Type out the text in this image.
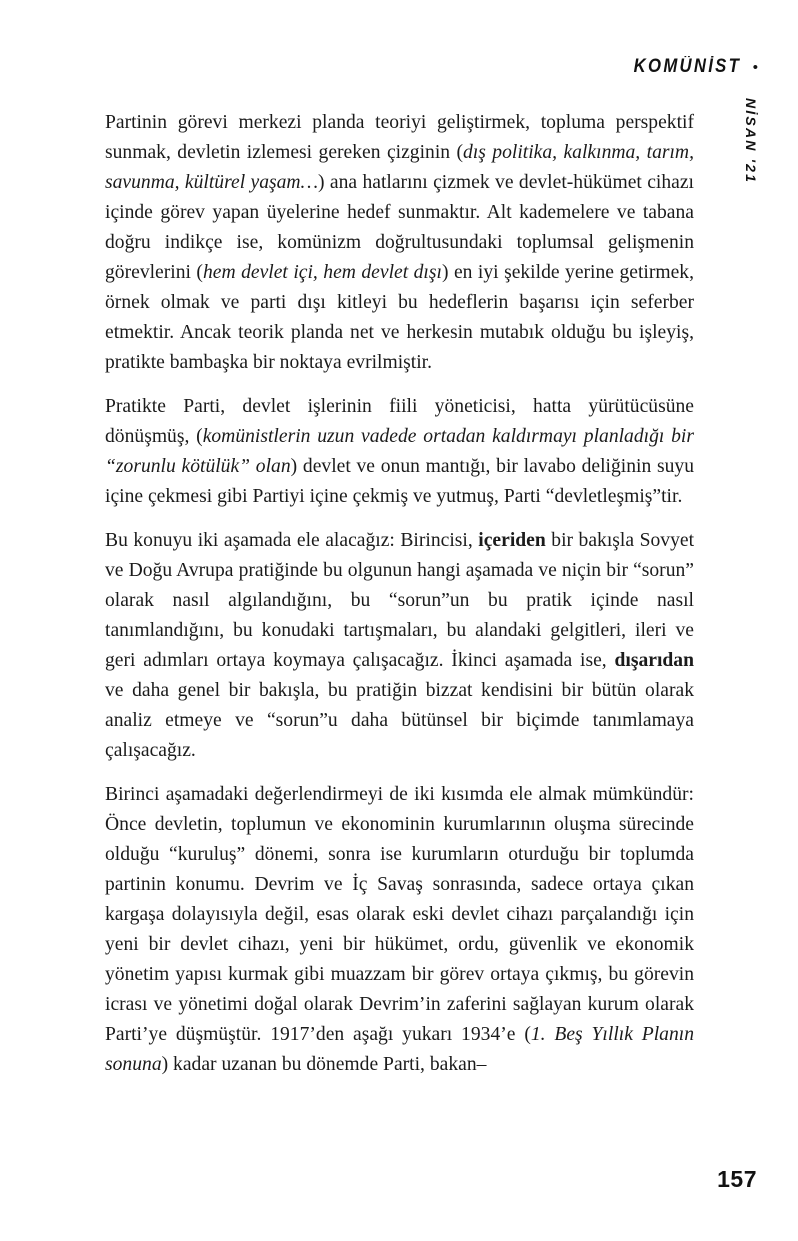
KOMÜNİST •
NİSAN '21

Partinin görevi merkezi planda teoriyi geliştirmek, topluma perspektif sunmak, devletin izlemesi gereken çizginin (dış politika, kalkınma, tarım, savunma, kültürel yaşam…) ana hatlarını çizmek ve devlet-hükümet cihazı içinde görev yapan üyelerine hedef sunmaktır. Alt kademelere ve tabana doğru indikçe ise, komünizm doğrultusundaki toplumsal gelişmenin görevlerini (hem devlet içi, hem devlet dışı) en iyi şekilde yerine getirmek, örnek olmak ve parti dışı kitleyi bu hedeflerin başarısı için seferber etmektir. Ancak teorik planda net ve herkesin mutabık olduğu bu işleyiş, pratikte bambaşka bir noktaya evrilmiştir.

Pratikte Parti, devlet işlerinin fiili yöneticisi, hatta yürütücüsüne dönüşmüş, (komünistlerin uzun vadede ortadan kaldırmayı planladığı bir “zorunlu kötülük” olan) devlet ve onun mantığı, bir lavabo deliğinin suyu içine çekmesi gibi Partiyi içine çekmiş ve yutmuş, Parti “devletleşmiş”tir.

Bu konuyu iki aşamada ele alacağız: Birincisi, içeriden bir bakışla Sovyet ve Doğu Avrupa pratiğinde bu olgunun hangi aşamada ve niçin bir “sorun” olarak nasıl algılandığını, bu “sorun”un bu pratik içinde nasıl tanımlandığını, bu konudaki tartışmaları, bu alandaki gelgitleri, ileri ve geri adımları ortaya koymaya çalışacağız. İkinci aşamada ise, dışarıdan ve daha genel bir bakışla, bu pratiğin bizzat kendisini bir bütün olarak analiz etmeye ve “sorun”u daha bütünsel bir biçimde tanımlamaya çalışacağız.

Birinci aşamadaki değerlendirmeyi de iki kısımda ele almak mümkündür: Önce devletin, toplumun ve ekonominin kurumlarının oluşma sürecinde olduğu “kuruluş” dönemi, sonra ise kurumların oturduğu bir toplumda partinin konumu. Devrim ve İç Savaş sonrasında, sadece ortaya çıkan kargaşa dolayısıyla değil, esas olarak eski devlet cihazı parçalandığı için yeni bir devlet cihazı, yeni bir hükümet, ordu, güvenlik ve ekonomik yönetim yapısı kurmak gibi muazzam bir görev ortaya çıkmış, bu görevin icrası ve yönetimi doğal olarak Devrim’in zaferini sağlayan kurum olarak Parti’ye düşmüştür. 1917’den aşağı yukarı 1934’e (1. Beş Yıllık Planın sonuna) kadar uzanan bu dönemde Parti, bakan–

157
